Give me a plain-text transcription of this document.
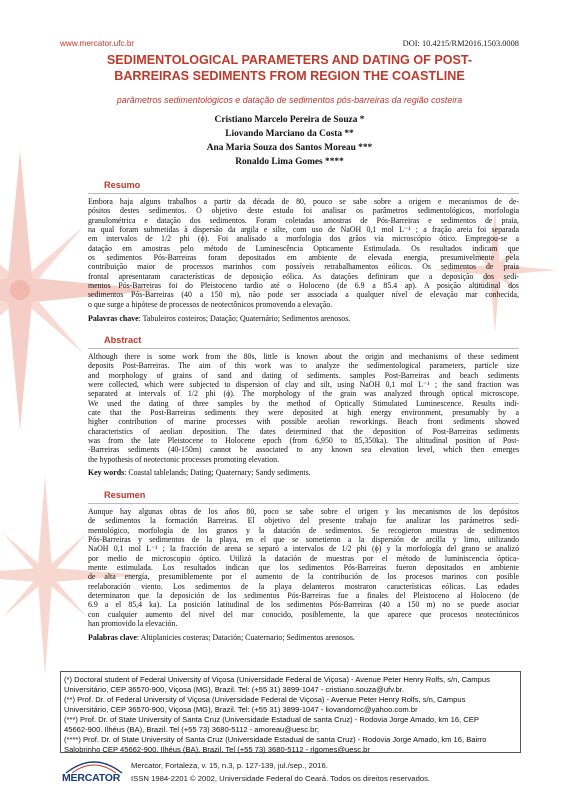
www.mercator.ufc.br	DOI: 10.4215/RM2016.1503.0008
SEDIMENTOLOGICAL PARAMETERS AND DATING OF POST-
BARREIRAS SEDIMENTS FROM REGION THE COASTLINE
parâmetros sedimentológicos e datação de sedimentos pós-barreiras da região costeira
Cristiano Marcelo Pereira de Souza *
Liovando Marciano da Costa **
Ana Maria Souza dos Santos Moreau ***
Ronaldo Lima Gomes ****
Resumo
Embora haja alguns trabalhos a partir da década de 80, pouco se sabe sobre a origem e mecanismos de de-
pósitos destes sedimentos. O objetivo deste estudo foi analisar os parâmetros sedimentológicos, morfologia
granulométrica e datação dos sedimentos. Foram coletadas amostras de Pós-Barreiras e sedimentos de praia,
na qual foram submetidas à dispersão da argila e silte, com uso de NaOH 0,1 mol L⁻¹ ; a fração areia foi separada
em intervalos de 1/2 phi (ϕ). Foi analisado a morfologia dos grãos via microscópio ótico. Empregou-se a
datação em amostras pelo método de Luminescência Opticamente Estimulada. Os resultados indicam que
os sedimentos Pós-Barreiras foram depositados em ambiente de elevada energia, presumivelmente pela
contribuição maior de processos marinhos com possíveis retrabalhamentos eólicos. Os sedimentos de praia
frontal apresentaram características de deposição eólica. As datações definiram que a deposição dos sedi-
mentos Pós-Barreiras foi do Pleistoceno tardio até o Holoceno (de 6.9 a 85.4 ap). A posição altitudinal dos
sedimentos Pós-Barreiras (40 a 150 m), não pode ser associada a qualquer nível de elevação mar conhecida,
o que surge a hipótese de processos de neotectônicos promovendo a elevação.
Palavras chave: Tabuleiros costeiros; Datação; Quaternário; Sedimentos arenosos.
Abstract
Although there is some work from the 80s, little is known about the origin and mechanisms of these sediment
deposits Post-Barreiras. The aim of this work was to analyze the sedimentological parameters, particle size
and morphology of grains of sand and dating of sediments. samples Post-Barreiras and beach sediments
were collected, which were subjected to dispersion of clay and silt, using NaOH 0,1 mol L⁻¹ ; the sand fraction was
separated at intervals of 1/2 phi (ϕ). The morphology of the grain was analyzed through optical microscope.
We used the dating of three samples by the method of Optically Stimulated Luminescence. Results indi-
cate that the Post-Barreiras sediments they were deposited at high energy environment, presumably by a
higher contribution of marine processes with possible aeolian reworkings. Beach front sediments showed
characteristics of aeolian deposition. The dates determined that the deposition of Post-Barreiras sediments
was from the late Pleistocene to Holocene epoch (from 6,950 to 85,350ka). The altitudinal position of Post-
-Barreiras sediments (40-150m) cannot be associated to any known sea elevation level, which then emerges
the hypothesis of neotectonic processes promoting elevation.
Key words: Coastal tablelands; Dating; Quaternary; Sandy sediments.
Resumen
Aunque hay algunas obras de los años 80, poco se sabe sobre el origen y los mecanismos de los depósitos
de sedimentos la formación Barreiras. El objetivo del presente trabajo fue analizar los parámetros sedi-
mentológico, morfología de los granos y la datación de sedimentos. Se recogieron muestras de sedimentos
Pós-Barreiras y sedimentos de la playa, en el que se sometieron a la dispersión de arcilla y limo, utilizando
NaOH 0,1 mol L⁻¹ ; la fracción de arena se separó a intervalos de 1/2 phi (ϕ) y la morfología del grano se analizó
por medio de microscopio óptico. Utilizó la datación de muestras por el método de luminiscencia óptica-
mente estimulada. Los resultados indican que los sedimentos Pós-Barreiras fueron depositados en ambiente
de alta energía, presumiblemente por el aumento de la contribución de los procesos marinos con posible
reelaboración viento. Los sedimentos de la playa delanteros mostraron características eólicas. Las edades
determinaron que la deposición de los sedimentos Pós-Barreiras fue a finales del Pleistoceno al Holoceno (de
6.9 a el 85,4 ka). La posición latitudinal de los sedimentos Pós-Barreiras (40 a 150 m) no se puede asociar
con cualquier aumento del nivel del mar conocido, posiblemente, la que aparece que procesos neotectónicos
han promovido la elevación.
Palabras clave: Altiplanicies costeras; Datación; Cuaternario; Sedimentos arenosos.
(*) Doctoral student of Federal University of Viçosa (Universidade Federal de Viçosa) - Avenue Peter Henry Rolfs, s/n, Campus
Universitário, CEP 36570-900, Viçosa (MG), Brazil. Tel: (+55 31) 3899-1047 - cristiano.souza@ufv.br.
(**) Prof. Dr. of Federal University of Viçosa (Universidade Federal de Viçosa) - Avenue Peter Henry Rolfs, s/n, Campus
Universitário, CEP 36570-900, Viçosa (MG), Brazil. Tel: (+55 31) 3899-1047 - liovandomc@yahoo.com.br
(***) Prof. Dr. of State University of Santa Cruz (Universidade Estadual de santa Cruz) - Rodovia Jorge Amado, km 16, CEP
45662-900. Ilhéus (BA), Brazil. Tel (+55 73) 3680-5112 - amoreau@uesc.br;
(****) Prof. Dr. of State University of Santa Cruz (Universidade Estadual de santa Cruz) - Rodovia Jorge Amado, km 16, Bairro
Salobrinho CEP 45662-900. Ilhéus (BA), Brazil. Tel (+55 73) 3680-5112 - rlgomes@uesc.br
MERCATOR
Mercator, Fortaleza, v. 15, n.3, p. 127-139, jul./sep., 2016.
ISSN 1984-2201 © 2002, Universidade Federal do Ceará. Todos os direitos reservados.
